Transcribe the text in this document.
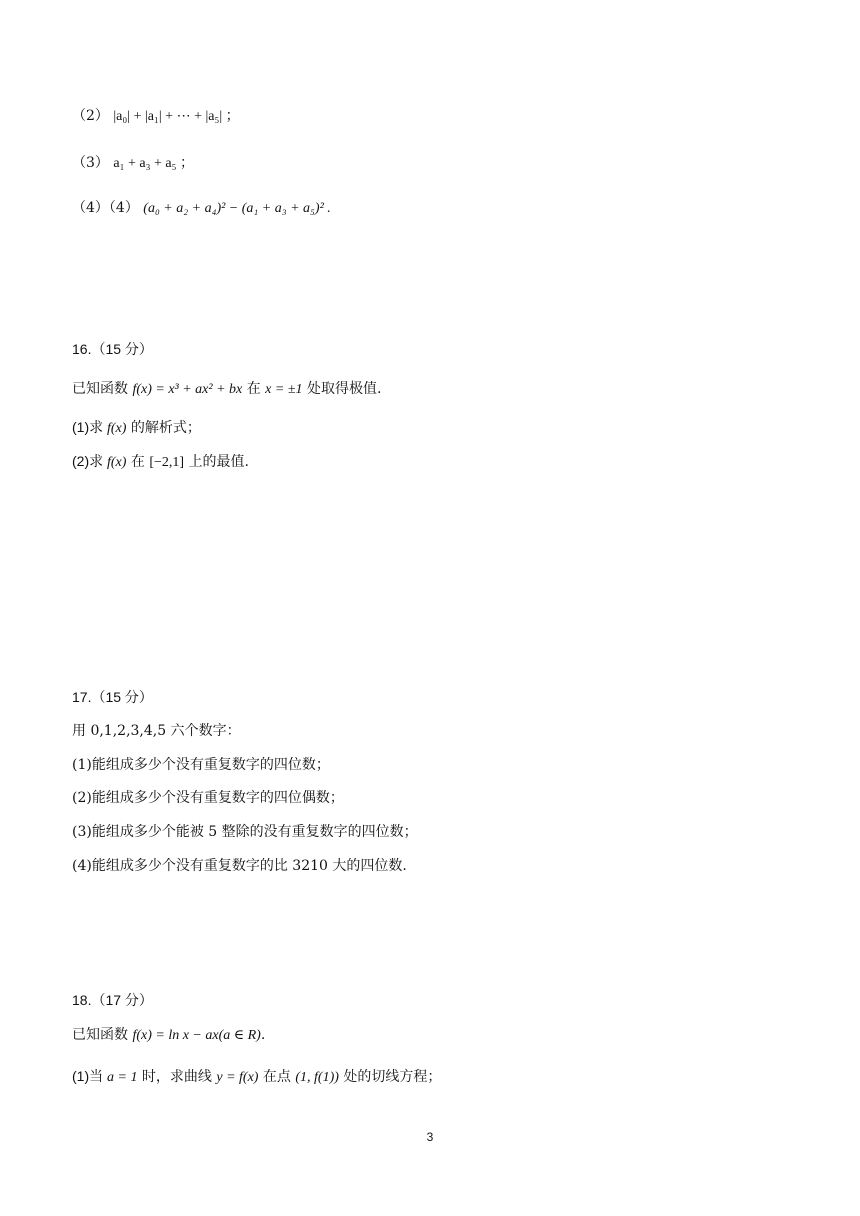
（2） |a₀| + |a₁| + ⋯ + |a₅| ；
（3） a₁ + a₃ + a₅ ；
（4）（4） (a₀ + a₂ + a₄)² − (a₁ + a₃ + a₅)² .
16.（15 分）
已知函数 f(x) = x³ + ax² + bx 在 x = ±1 处取得极值.
(1)求 f(x) 的解析式；
(2)求 f(x) 在 [−2,1] 上的最值.
17.（15 分）
用 0,1,2,3,4,5 六个数字：
(1)能组成多少个没有重复数字的四位数；
(2)能组成多少个没有重复数字的四位偶数；
(3)能组成多少个能被 5 整除的没有重复数字的四位数；
(4)能组成多少个没有重复数字的比 3210 大的四位数.
18.（17 分）
已知函数 f(x) = ln x − ax(a ∈ R).
(1)当 a = 1 时，求曲线 y = f(x) 在点 (1, f(1)) 处的切线方程；
3
